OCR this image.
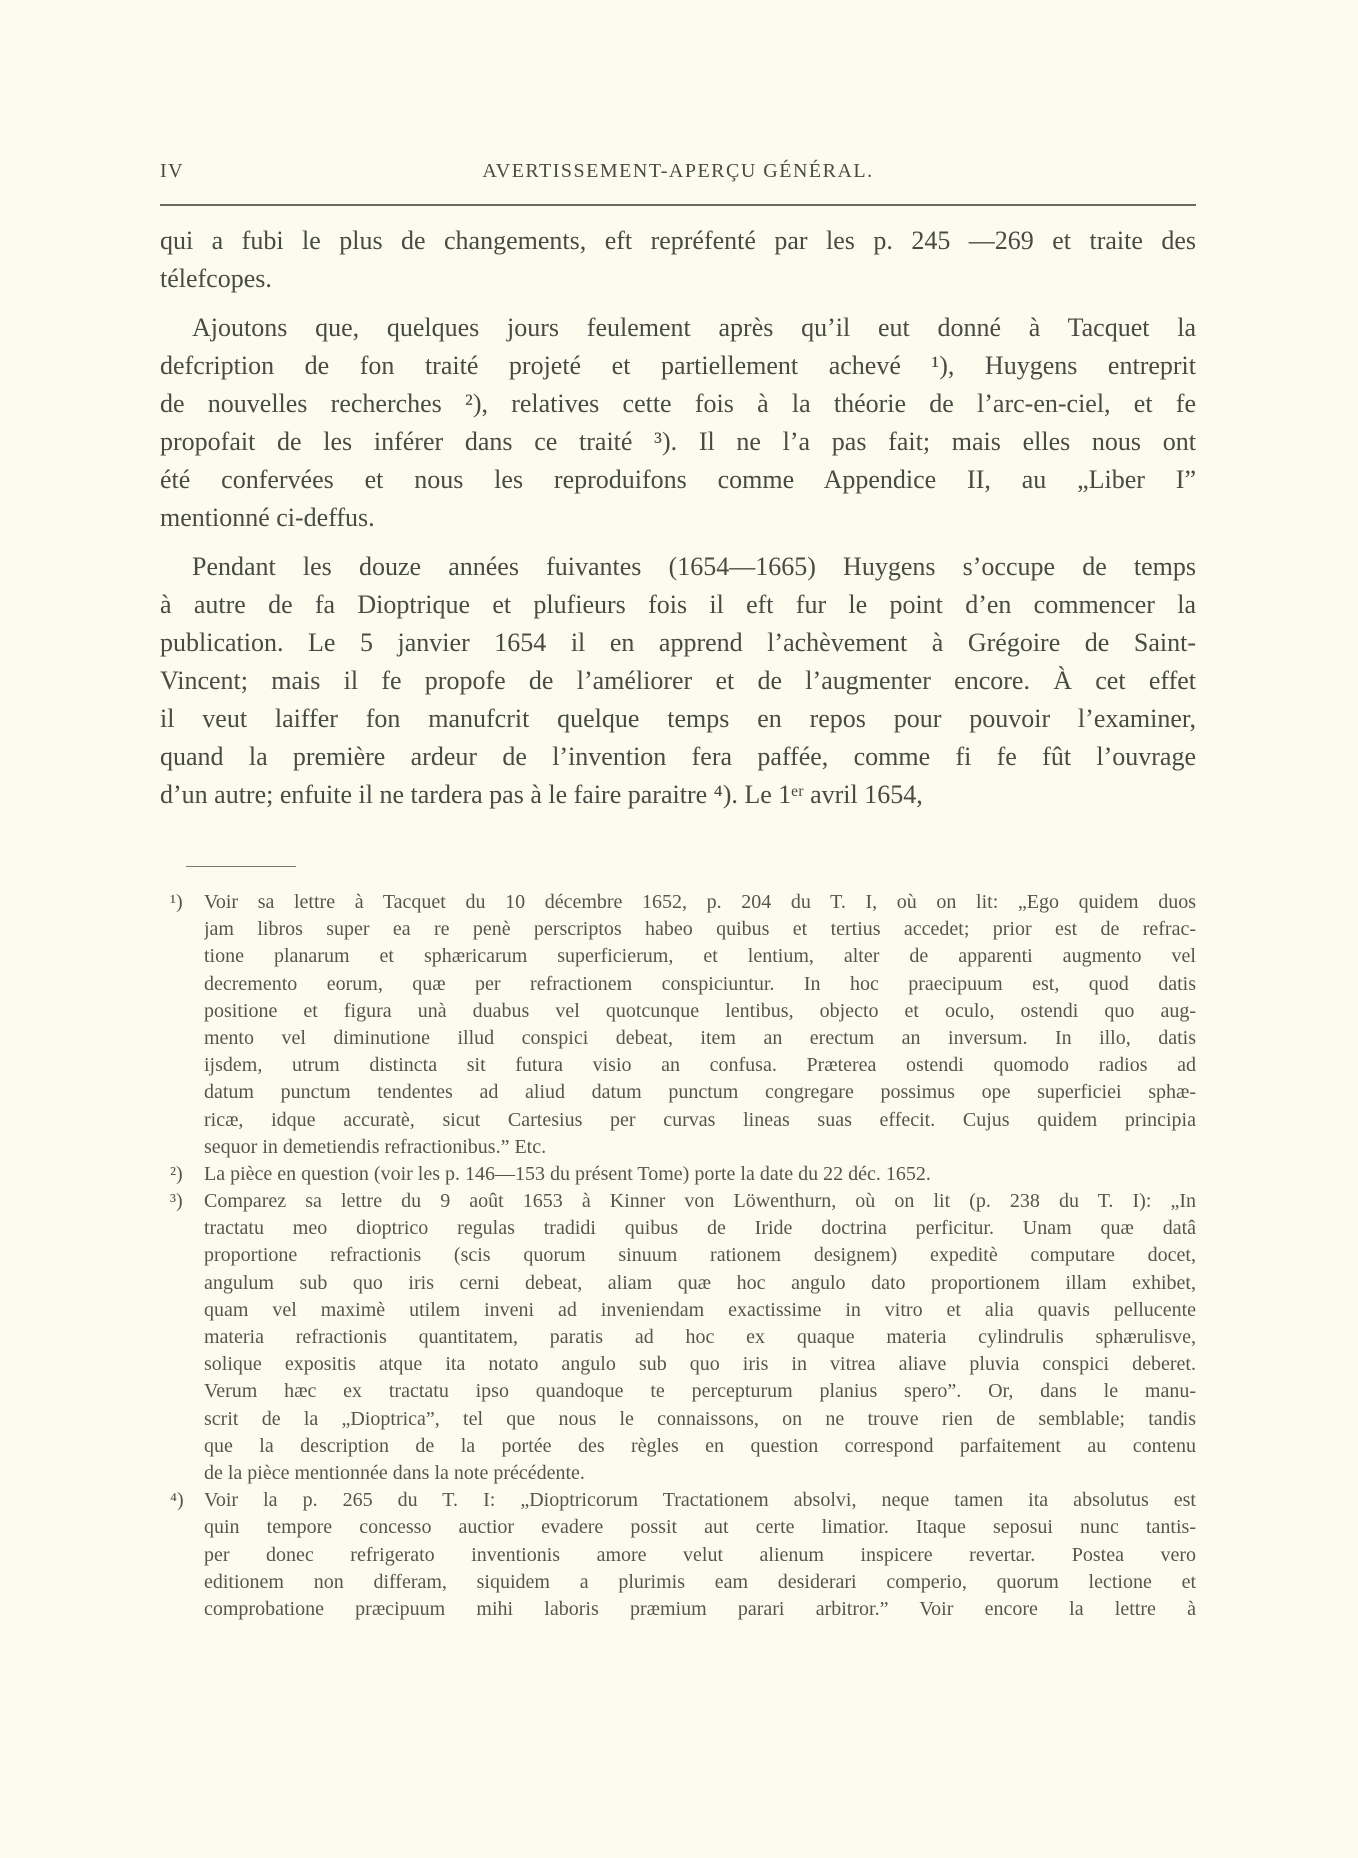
IV	AVERTISSEMENT-APERÇU GÉNÉRAL.
qui a fubi le plus de changements, eft repréfenté par les p. 245 —269 et traite des
télefcopes.
Ajoutons que, quelques jours feulement après qu’il eut donné à Tacquet la
defcription de fon traité projeté et partiellement achevé ¹), Huygens entreprit
de nouvelles recherches ²), relatives cette fois à la théorie de l’arc-en-ciel, et fe
propofait de les inférer dans ce traité ³). Il ne l’a pas fait; mais elles nous ont
été confervées et nous les reproduifons comme Appendice II, au „Liber I”
mentionné ci-deffus.
Pendant les douze années fuivantes (1654—1665) Huygens s’occupe de temps
à autre de fa Dioptrique et plufieurs fois il eft fur le point d’en commencer la
publication. Le 5 janvier 1654 il en apprend l’achèvement à Grégoire de Saint-
Vincent; mais il fe propofe de l’améliorer et de l’augmenter encore. À cet effet
il veut laiffer fon manufcrit quelque temps en repos pour pouvoir l’examiner,
quand la première ardeur de l’invention fera paffée, comme fi fe fût l’ouvrage
d’un autre; enfuite il ne tardera pas à le faire paraitre ⁴). Le 1ᵉʳ avril 1654,
¹) Voir sa lettre à Tacquet du 10 décembre 1652, p. 204 du T. I, où on lit: „Ego quidem duos
jam libros super ea re penè perscriptos habeo quibus et tertius accedet; prior est de refrac-
tione planarum et sphæricarum superficierum, et lentium, alter de apparenti augmento vel
decremento eorum, quæ per refractionem conspiciuntur. In hoc praecipuum est, quod datis
positione et figura unà duabus vel quotcunque lentibus, objecto et oculo, ostendi quo aug-
mento vel diminutione illud conspici debeat, item an erectum an inversum. In illo, datis
ijsdem, utrum distincta sit futura visio an confusa. Præterea ostendi quomodo radios ad
datum punctum tendentes ad aliud datum punctum congregare possimus ope superficiei sphæ-
ricæ, idque accuratè, sicut Cartesius per curvas lineas suas effecit. Cujus quidem principia
sequor in demetiendis refractionibus.” Etc.
²) La pièce en question (voir les p. 146—153 du présent Tome) porte la date du 22 déc. 1652.
³) Comparez sa lettre du 9 août 1653 à Kinner von Löwenthurn, où on lit (p. 238 du T. I): „In
tractatu meo dioptrico regulas tradidi quibus de Iride doctrina perficitur. Unam quæ datâ
proportione refractionis (scis quorum sinuum rationem designem) expeditè computare docet,
angulum sub quo iris cerni debeat, aliam quæ hoc angulo dato proportionem illam exhibet,
quam vel maximè utilem inveni ad inveniendam exactissime in vitro et alia quavis pellucente
materia refractionis quantitatem, paratis ad hoc ex quaque materia cylindrulis sphærulisve,
solique expositis atque ita notato angulo sub quo iris in vitrea aliave pluvia conspici deberet.
Verum hæc ex tractatu ipso quandoque te percepturum planius spero”. Or, dans le manu-
scrit de la „Dioptrica”, tel que nous le connaissons, on ne trouve rien de semblable; tandis
que la description de la portée des règles en question correspond parfaitement au contenu
de la pièce mentionnée dans la note précédente.
⁴) Voir la p. 265 du T. I: „Dioptricorum Tractationem absolvi, neque tamen ita absolutus est
quin tempore concesso auctior evadere possit aut certe limatior. Itaque seposui nunc tantis-
per donec refrigerato inventionis amore velut alienum inspicere revertar. Postea vero
editionem non differam, siquidem a plurimis eam desiderari comperio, quorum lectione et
comprobatione præcipuum mihi laboris præmium parari arbitror.” Voir encore la lettre à
